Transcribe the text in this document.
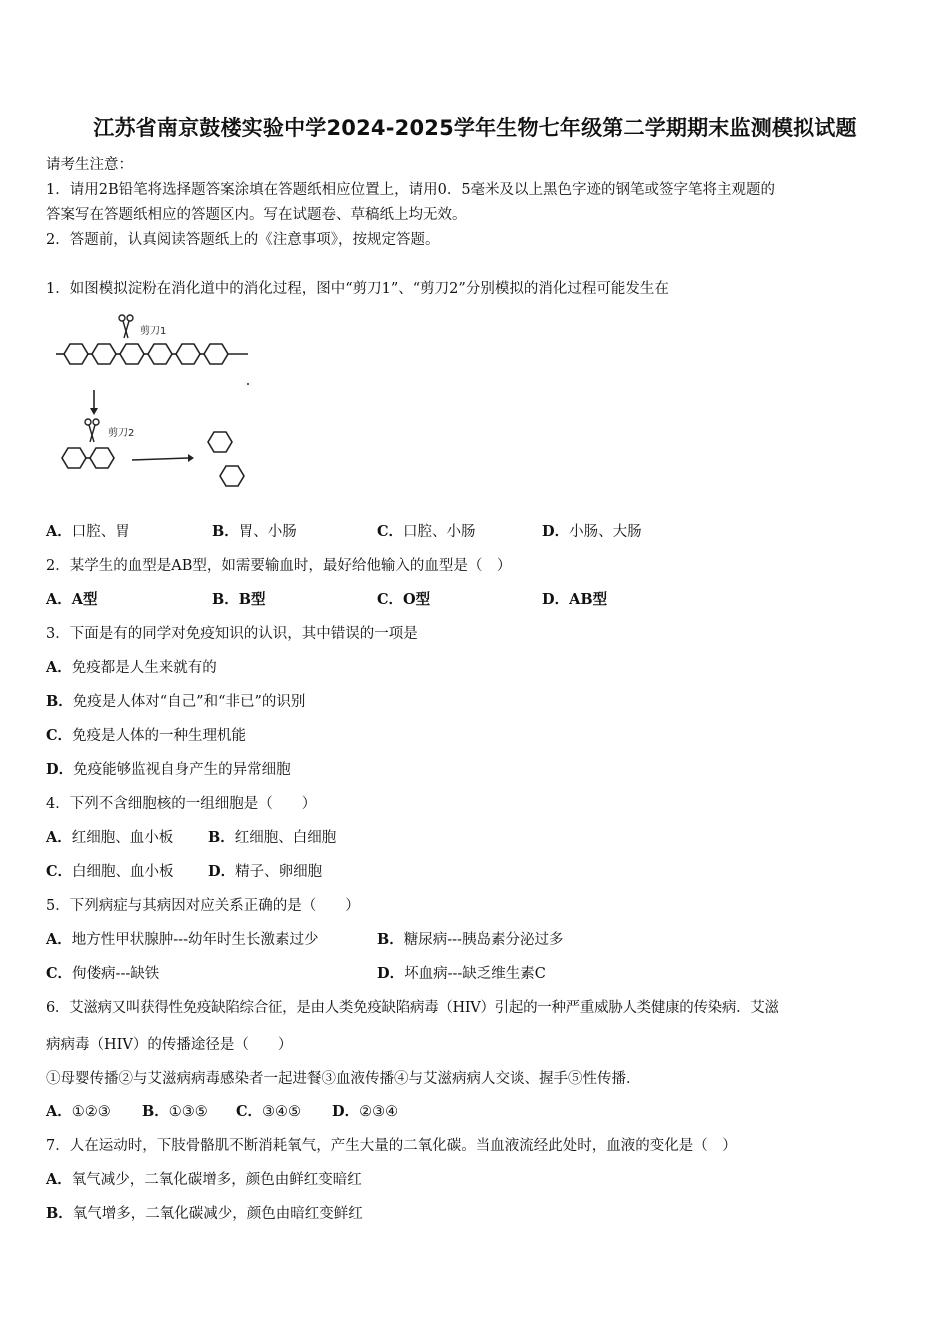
江苏省南京鼓楼实验中学2024-2025学年生物七年级第二学期期末监测模拟试题
请考生注意：
1．请用2B铅笔将选择题答案涂填在答题纸相应位置上，请用0．5毫米及以上黑色字迹的钢笔或签字笔将主观题的
答案写在答题纸相应的答题区内。写在试题卷、草稿纸上均无效。
2．答题前，认真阅读答题纸上的《注意事项》，按规定答题。
1．如图模拟淀粉在消化道中的消化过程，图中“剪刀1”、“剪刀2”分别模拟的消化过程可能发生在
剪刀1
剪刀2
A．口腔、胃	B．胃、小肠	C．口腔、小肠	D．小肠、大肠
2．某学生的血型是AB型，如需要输血时，最好给他输入的血型是（　）
A．A型	B．B型	C．O型	D．AB型
3．下面是有的同学对免疫知识的认识，其中错误的一项是
A．免疫都是人生来就有的
B．免疫是人体对“自己”和“非已”的识别
C．免疫是人体的一种生理机能
D．免疫能够监视自身产生的异常细胞
4．下列不含细胞核的一组细胞是（　　）
A．红细胞、血小板 B．红细胞、白细胞
C．白细胞、血小板 D．精子、卵细胞
5．下列病症与其病因对应关系正确的是（　　）
A．地方性甲状腺肿---幼年时生长激素过少	B．糖尿病---胰岛素分泌过多
C．佝偻病---缺铁	D．坏血病---缺乏维生素C
6．艾滋病又叫获得性免疫缺陷综合征，是由人类免疫缺陷病毒（HIV）引起的一种严重威胁人类健康的传染病．艾滋
病病毒（HIV）的传播途径是（　　）
①母婴传播②与艾滋病病毒感染者一起进餐③血液传播④与艾滋病病人交谈、握手⑤性传播．
A．①②③ B．①③⑤ C．③④⑤ D．②③④
7．人在运动时，下肢骨骼肌不断消耗氧气，产生大量的二氧化碳。当血液流经此处时，血液的变化是（　）
A．氧气减少，二氧化碳增多，颜色由鲜红变暗红
B．氧气增多，二氧化碳减少，颜色由暗红变鲜红
